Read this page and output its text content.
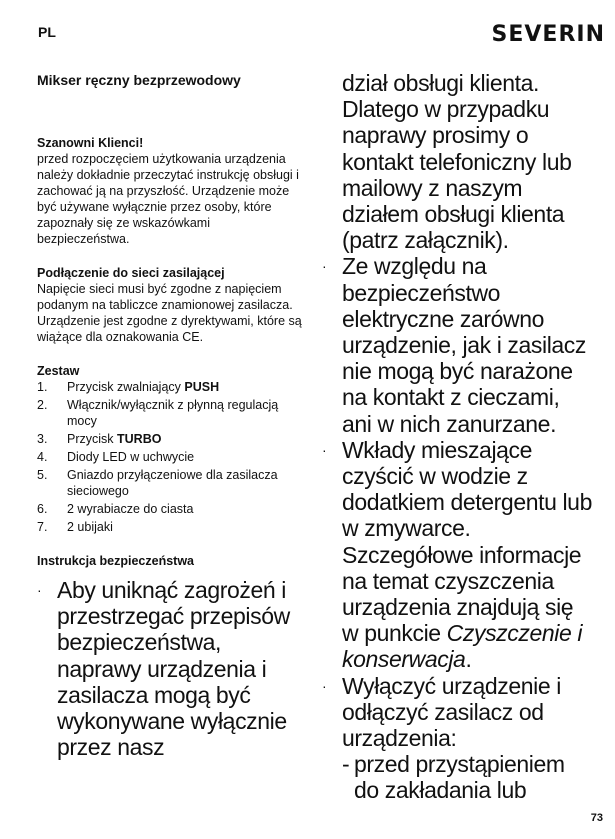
PL	SEVERIN
Mikser ręczny bezprzewodowy
Szanowni Klienci!

przed rozpoczęciem użytkowania urządzenia należy dokładnie przeczytać instrukcję obsługi i zachować ją na przyszłość. Urządzenie może być używane wyłącznie przez osoby, które zapoznały się ze wskazówkami bezpieczeństwa.

Podłączenie do sieci zasilającej

Napięcie sieci musi być zgodne z napięciem podanym na tabliczce znamionowej zasilacza. Urządzenie jest zgodne z dyrektywami, które są wiążące dla oznakowania CE.

Zestaw
1. Przycisk zwalniający PUSH
2. Włącznik/wyłącznik z płynną regulacją mocy
3. Przycisk TURBO
4. Diody LED w uchwycie
5. Gniazdo przyłączeniowe dla zasilacza sieciowego
6. 2 wyrabiacze do ciasta
7. 2 ubijaki
Instrukcja bezpieczeństwa
· Aby uniknąć zagrożeń i przestrzegać przepisów bezpieczeństwa, naprawy urządzenia i zasilacza mogą być wykonywane wyłącznie przez nasz
dział obsługi klienta. Dlatego w przypadku naprawy prosimy o kontakt telefoniczny lub mailowy z naszym działem obsługi klienta (patrz załącznik).
· Ze względu na bezpieczeństwo elektryczne zarówno urządzenie, jak i zasilacz nie mogą być narażone na kontakt z cieczami, ani w nich zanurzane.
· Wkłady mieszające czyścić w wodzie z dodatkiem detergentu lub w zmywarce. Szczegółowe informacje na temat czyszczenia urządzenia znajdują się w punkcie Czyszczenie i konserwacja.
· Wyłączyć urządzenie i odłączyć zasilacz od urządzenia:
- przed przystąpieniem do zakładania lub
73
